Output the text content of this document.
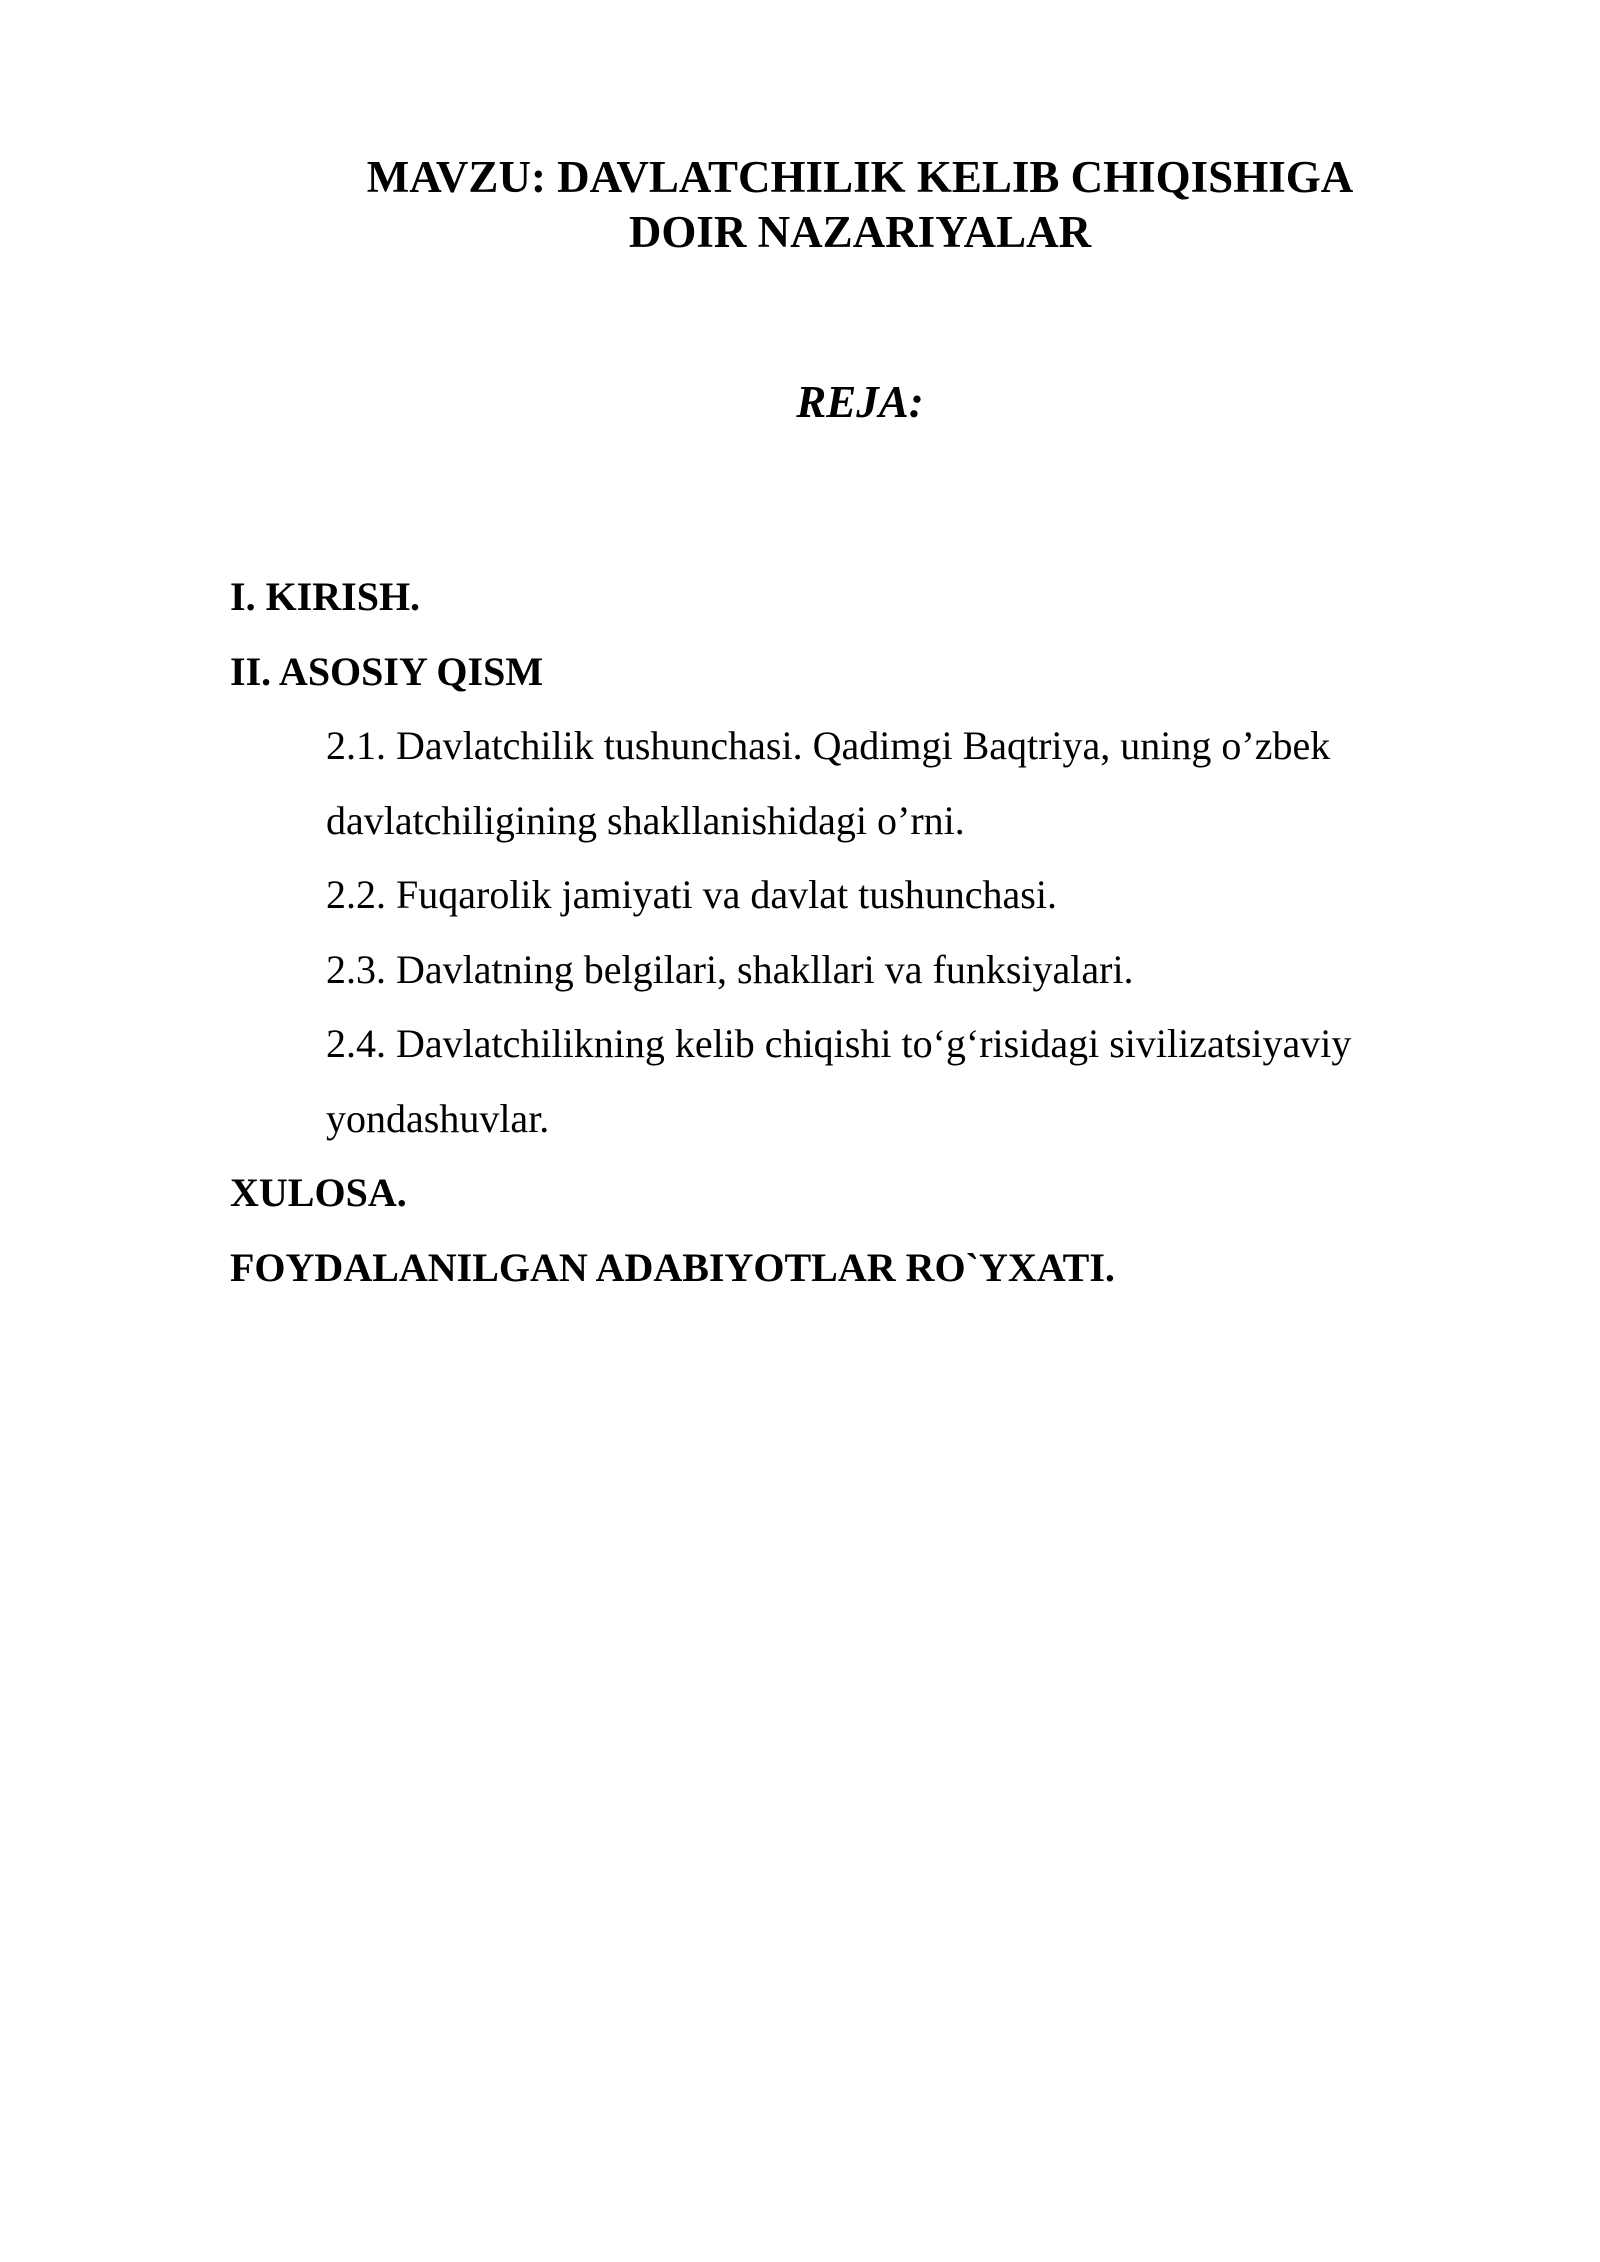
MAVZU: DAVLATCHILIK KELIB CHIQISHIGA
DOIR NAZARIYALAR
REJA:
I. KIRISH.
II. ASOSIY QISM
2.1. Davlatchilik tushunchasi. Qadimgi Baqtriya, uning o’zbek
davlatchiligining shakllanishidagi o’rni.
2.2. Fuqarolik jamiyati va davlat tushunchasi.
2.3. Davlatning belgilari, shakllari va funksiyalari.
2.4. Davlatchilikning kelib chiqishi to‘g‘risidagi sivilizatsiyaviy
yondashuvlar.
XULOSA.
FOYDALANILGAN ADABIYOTLAR RO`YXATI.
